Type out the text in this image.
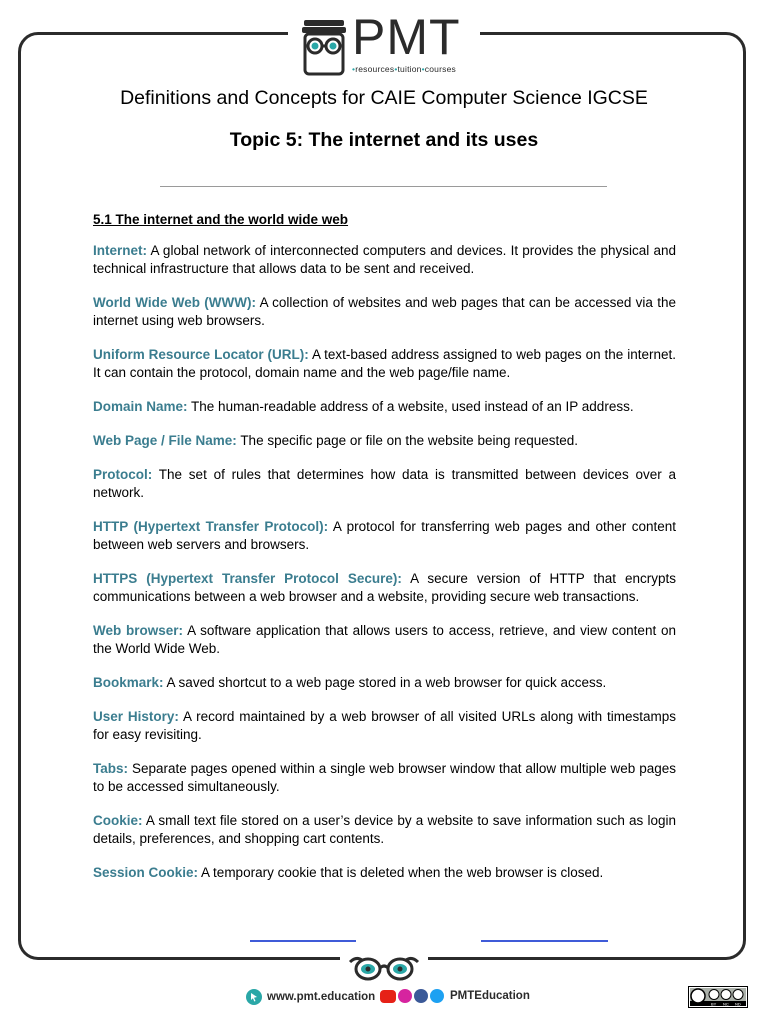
PMT
•resources•tuition•courses
Definitions and Concepts for CAIE Computer Science IGCSE
Topic 5: The internet and its uses
5.1 The internet and the world wide web

Internet: A global network of interconnected computers and devices. It provides the physical and technical infrastructure that allows data to be sent and received.

World Wide Web (WWW): A collection of websites and web pages that can be accessed via the internet using web browsers.

Uniform Resource Locator (URL): A text-based address assigned to web pages on the internet. It can contain the protocol, domain name and the web page/file name.

Domain Name: The human-readable address of a website, used instead of an IP address.

Web Page / File Name: The specific page or file on the website being requested.

Protocol: The set of rules that determines how data is transmitted between devices over a network.

HTTP (Hypertext Transfer Protocol): A protocol for transferring web pages and other content between web servers and browsers.

HTTPS (Hypertext Transfer Protocol Secure): A secure version of HTTP that encrypts communications between a web browser and a website, providing secure web transactions.

Web browser: A software application that allows users to access, retrieve, and view content on the World Wide Web.

Bookmark: A saved shortcut to a web page stored in a web browser for quick access.

User History: A record maintained by a web browser of all visited URLs along with timestamps for easy revisiting.

Tabs: Separate pages opened within a single web browser window that allow multiple web pages to be accessed simultaneously.

Cookie: A small text file stored on a user’s device by a website to save information such as login details, preferences, and shopping cart contents.

Session Cookie: A temporary cookie that is deleted when the web browser is closed.

www.pmt.education	PMTEducation
BY NC ND
